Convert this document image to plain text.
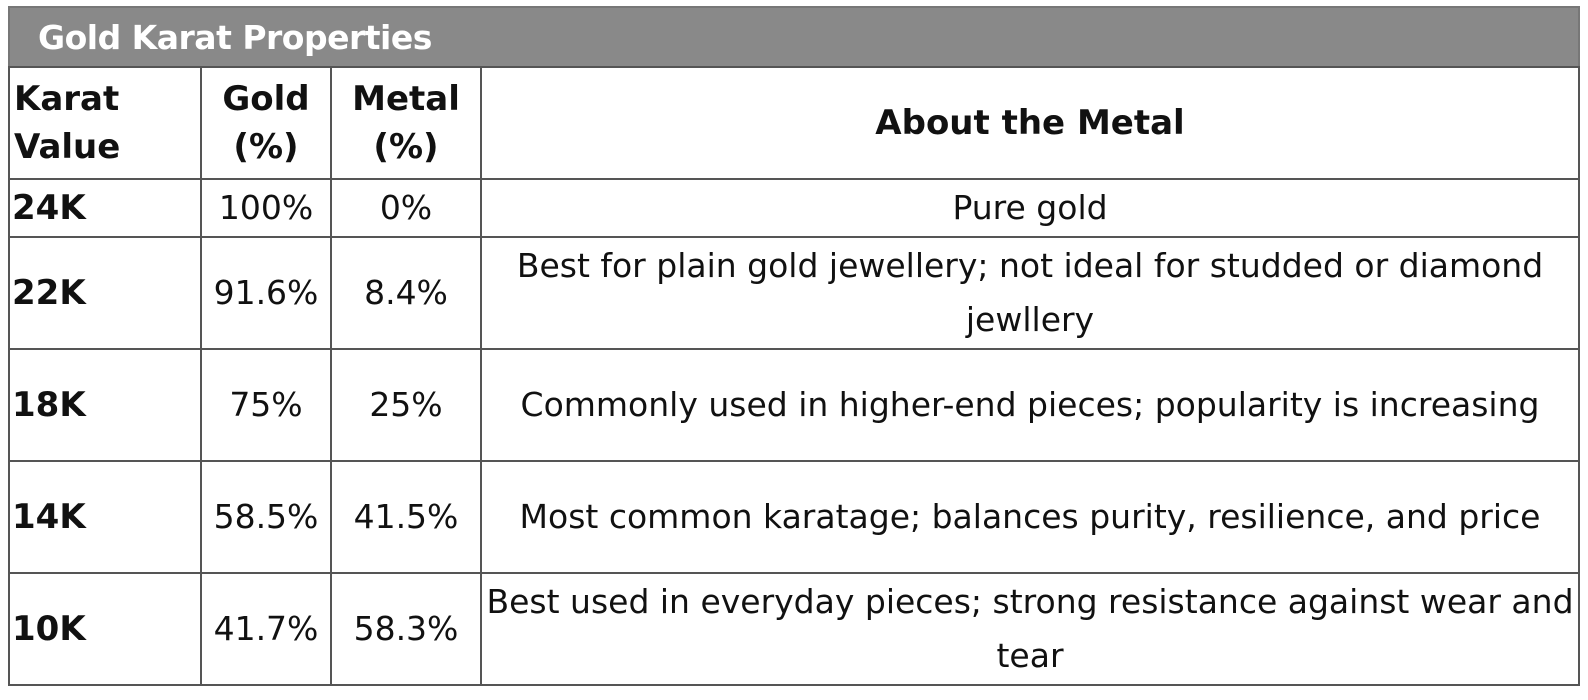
Gold Karat Properties
Karat Value	Gold (%)	Metal (%)	About the Metal
24K	100%	0%	Pure gold
22K	91.6%	8.4%	Best for plain gold jewellery; not ideal for studded or diamond jewllery
18K	75%	25%	Commonly used in higher-end pieces; popularity is increasing
14K	58.5%	41.5%	Most common karatage; balances purity, resilience, and price
10K	41.7%	58.3%	Best used in everyday pieces; strong resistance against wear and tear
